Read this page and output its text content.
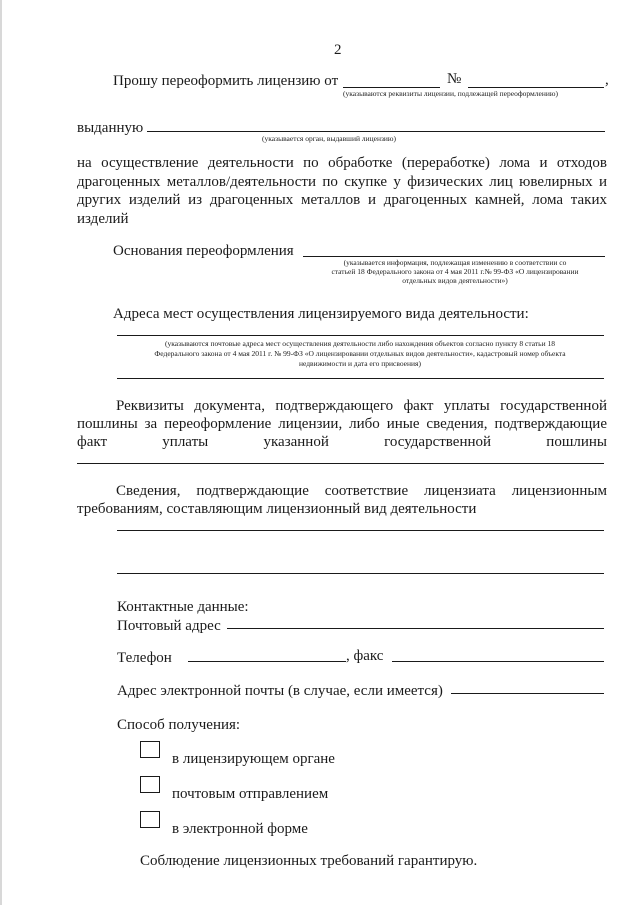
2
Прошу переоформить лицензию от	№	,
(указываются реквизиты лицензии, подлежащей переоформлению)
выданную
(указывается орган, выдавший лицензию)
на осуществление деятельности по обработке (переработке) лома и отходов
драгоценных металлов/деятельности по скупке у физических лиц ювелирных и
других изделий из драгоценных металлов и драгоценных камней, лома таких
изделий
Основания переоформления
(указывается информация, подлежащая изменению в соответствии со
статьей 18 Федерального закона от 4 мая 2011 г.№ 99-ФЗ «О лицензировании
отдельных видов деятельности»)
Адреса мест осуществления лицензируемого вида деятельности:
(указываются почтовые адреса мест осуществления деятельности либо нахождения объектов согласно пункту 8 статьи 18
Федерального закона от 4 мая 2011 г. № 99-ФЗ «О лицензировании отдельных видов деятельности», кадастровый номер объекта
недвижимости и дата его присвоения)
Реквизиты документа, подтверждающего факт уплаты государственной
пошлины за переоформление лицензии, либо иные сведения, подтверждающие
факт уплаты указанной государственной пошлины
Сведения, подтверждающие соответствие лицензиата лицензионным
требованиям, составляющим лицензионный вид деятельности
Контактные данные:
Почтовый адрес
Телефон	, факс
Адрес электронной почты (в случае, если имеется)
Способ получения:
в лицензирующем органе
почтовым отправлением
в электронной форме
Соблюдение лицензионных требований гарантирую.
